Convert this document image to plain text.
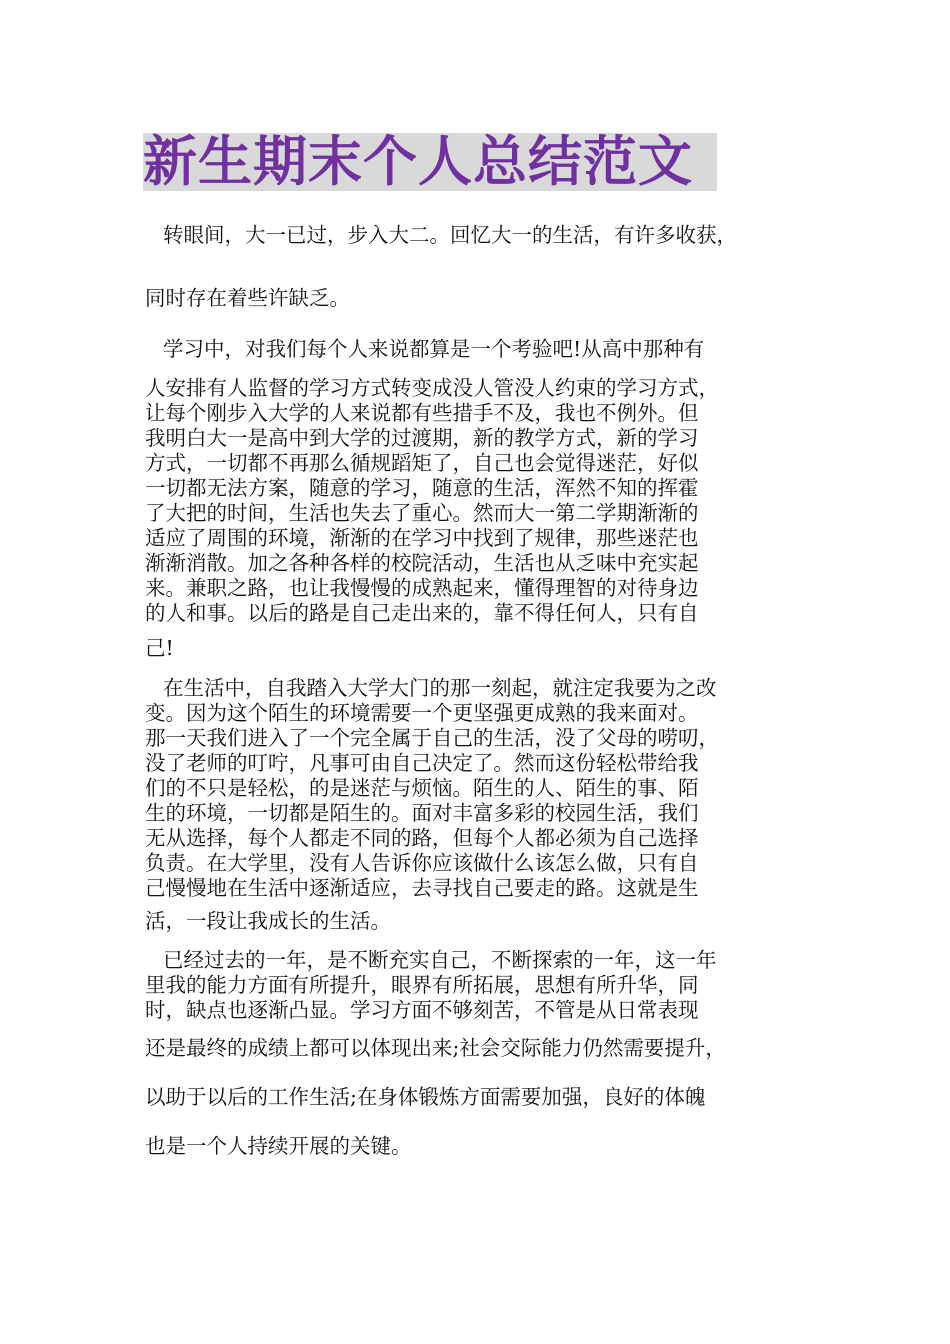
新生期末个人总结范文
转眼间，大一已过，步入大二。回忆大一的生活，有许多收获，
同时存在着些许缺乏。
学习中，对我们每个人来说都算是一个考验吧!从高中那种有
人安排有人监督的学习方式转变成没人管没人约束的学习方式，
让每个刚步入大学的人来说都有些措手不及，我也不例外。但
我明白大一是高中到大学的过渡期，新的教学方式，新的学习
方式，一切都不再那么循规蹈矩了，自己也会觉得迷茫，好似
一切都无法方案，随意的学习，随意的生活，浑然不知的挥霍
了大把的时间，生活也失去了重心。然而大一第二学期渐渐的
适应了周围的环境，渐渐的在学习中找到了规律，那些迷茫也
渐渐消散。加之各种各样的校院活动，生活也从乏味中充实起
来。兼职之路，也让我慢慢的成熟起来，懂得理智的对待身边
的人和事。以后的路是自己走出来的，靠不得任何人，只有自
己!
在生活中，自我踏入大学大门的那一刻起，就注定我要为之改
变。因为这个陌生的环境需要一个更坚强更成熟的我来面对。
那一天我们进入了一个完全属于自己的生活，没了父母的唠叨，
没了老师的叮咛，凡事可由自己决定了。然而这份轻松带给我
们的不只是轻松，的是迷茫与烦恼。陌生的人、陌生的事、陌
生的环境，一切都是陌生的。面对丰富多彩的校园生活，我们
无从选择，每个人都走不同的路，但每个人都必须为自己选择
负责。在大学里，没有人告诉你应该做什么该怎么做，只有自
己慢慢地在生活中逐渐适应，去寻找自己要走的路。这就是生
活，一段让我成长的生活。
已经过去的一年，是不断充实自己，不断探索的一年，这一年
里我的能力方面有所提升，眼界有所拓展，思想有所升华，同
时，缺点也逐渐凸显。学习方面不够刻苦，不管是从日常表现
还是最终的成绩上都可以体现出来;社会交际能力仍然需要提升，
以助于以后的工作生活;在身体锻炼方面需要加强，良好的体魄
也是一个人持续开展的关键。
